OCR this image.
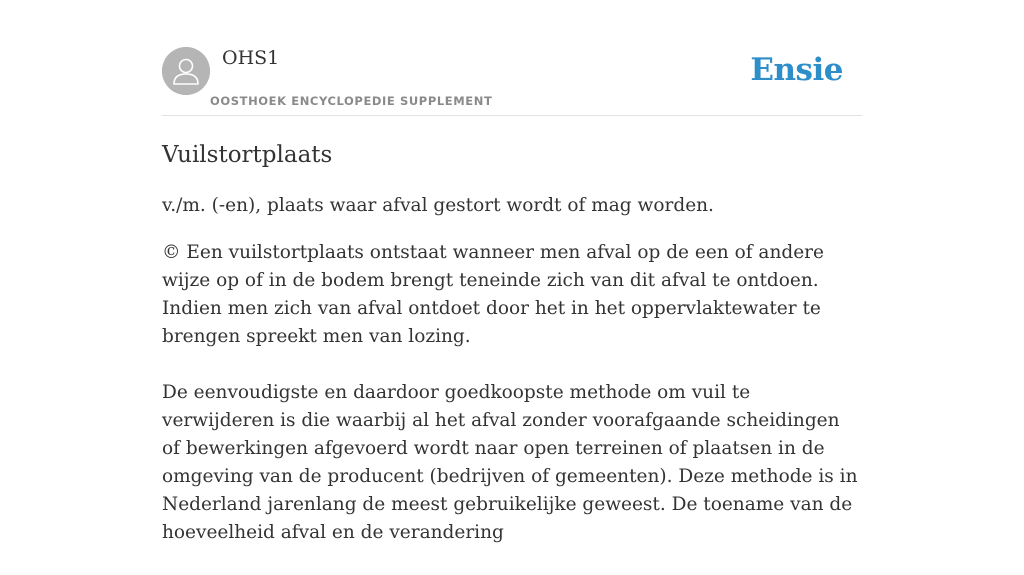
OHS1
OOSTHOEK ENCYCLOPEDIE SUPPLEMENT
Ensie
Vuilstortplaats

v./m. (-en), plaats waar afval gestort wordt of mag worden.

© Een vuilstortplaats ontstaat wanneer men afval op de een of andere wijze op of in de bodem brengt teneinde zich van dit afval te ontdoen. Indien men zich van afval ontdoet door het in het oppervlaktewater te brengen spreekt men van lozing.

De eenvoudigste en daardoor goedkoopste methode om vuil te verwijderen is die waarbij al het afval zonder voorafgaande scheidingen of bewerkingen afgevoerd wordt naar open terreinen of plaatsen in de omgeving van de producent (bedrijven of gemeenten). Deze methode is in Nederland jarenlang de meest gebruikelijke geweest. De toename van de hoeveelheid afval en de verandering
